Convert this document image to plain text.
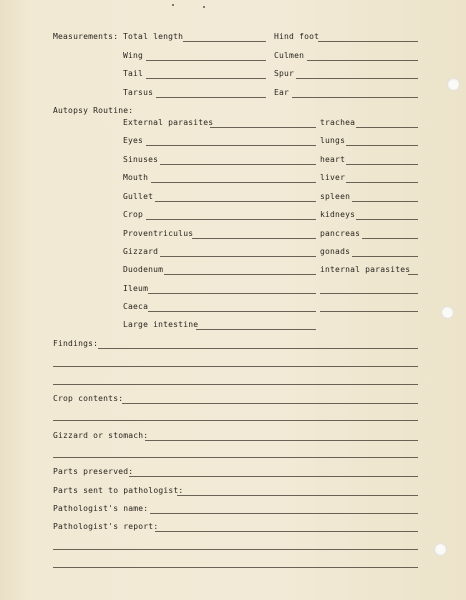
Measurements: Total length	Hind foot
Wing	Culmen
Tail	Spur
Tarsus	Ear
Autopsy Routine:
External parasites	trachea
Eyes	lungs
Sinuses	heart
Mouth	liver
Gullet	spleen
Crop	kidneys
Proventriculus	pancreas
Gizzard	gonads
Duodenum	internal parasites
Ileum
Caeca
Large intestine
Findings:
Crop contents:
Gizzard or stomach:
Parts preserved:
Parts sent to pathologist:
Pathologist's name:
Pathologist's report:
